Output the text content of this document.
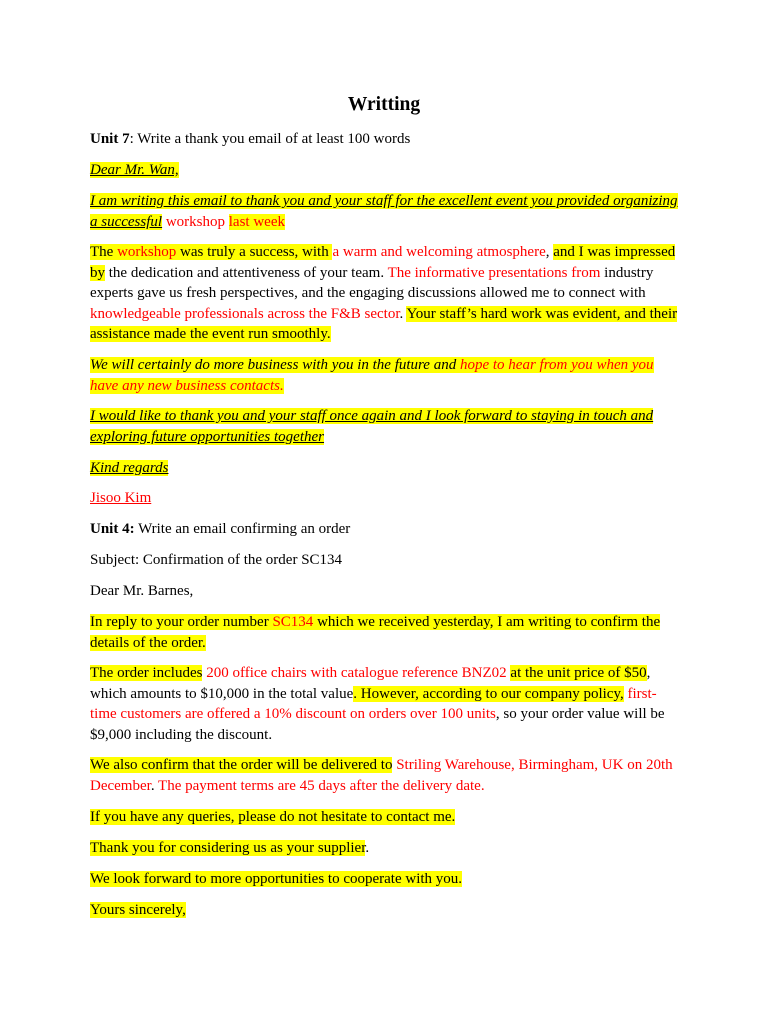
Writting

Unit 7: Write a thank you email of at least 100 words

Dear Mr. Wan,

I am writing this email to thank you and your staff for the excellent event you provided organizing a successful workshop last week

The workshop was truly a success, with a warm and welcoming atmosphere, and I was impressed by the dedication and attentiveness of your team. The informative presentations from industry experts gave us fresh perspectives, and the engaging discussions allowed me to connect with knowledgeable professionals across the F&B sector. Your staff’s hard work was evident, and their assistance made the event run smoothly.

We will certainly do more business with you in the future and hope to hear from you when you have any new business contacts.

I would like to thank you and your staff once again and I look forward to staying in touch and exploring future opportunities together

Kind regards

Jisoo Kim

Unit 4: Write an email confirming an order

Subject: Confirmation of the order SC134

Dear Mr. Barnes,

In reply to your order number SC134 which we received yesterday, I am writing to confirm the details of the order.

The order includes 200 office chairs with catalogue reference BNZ02 at the unit price of $50, which amounts to $10,000 in the total value. However, according to our company policy, first-time customers are offered a 10% discount on orders over 100 units, so your order value will be $9,000 including the discount.

We also confirm that the order will be delivered to Striling Warehouse, Birmingham, UK on 20th December. The payment terms are 45 days after the delivery date.

If you have any queries, please do not hesitate to contact me.

Thank you for considering us as your supplier.

We look forward to more opportunities to cooperate with you.

Yours sincerely,
